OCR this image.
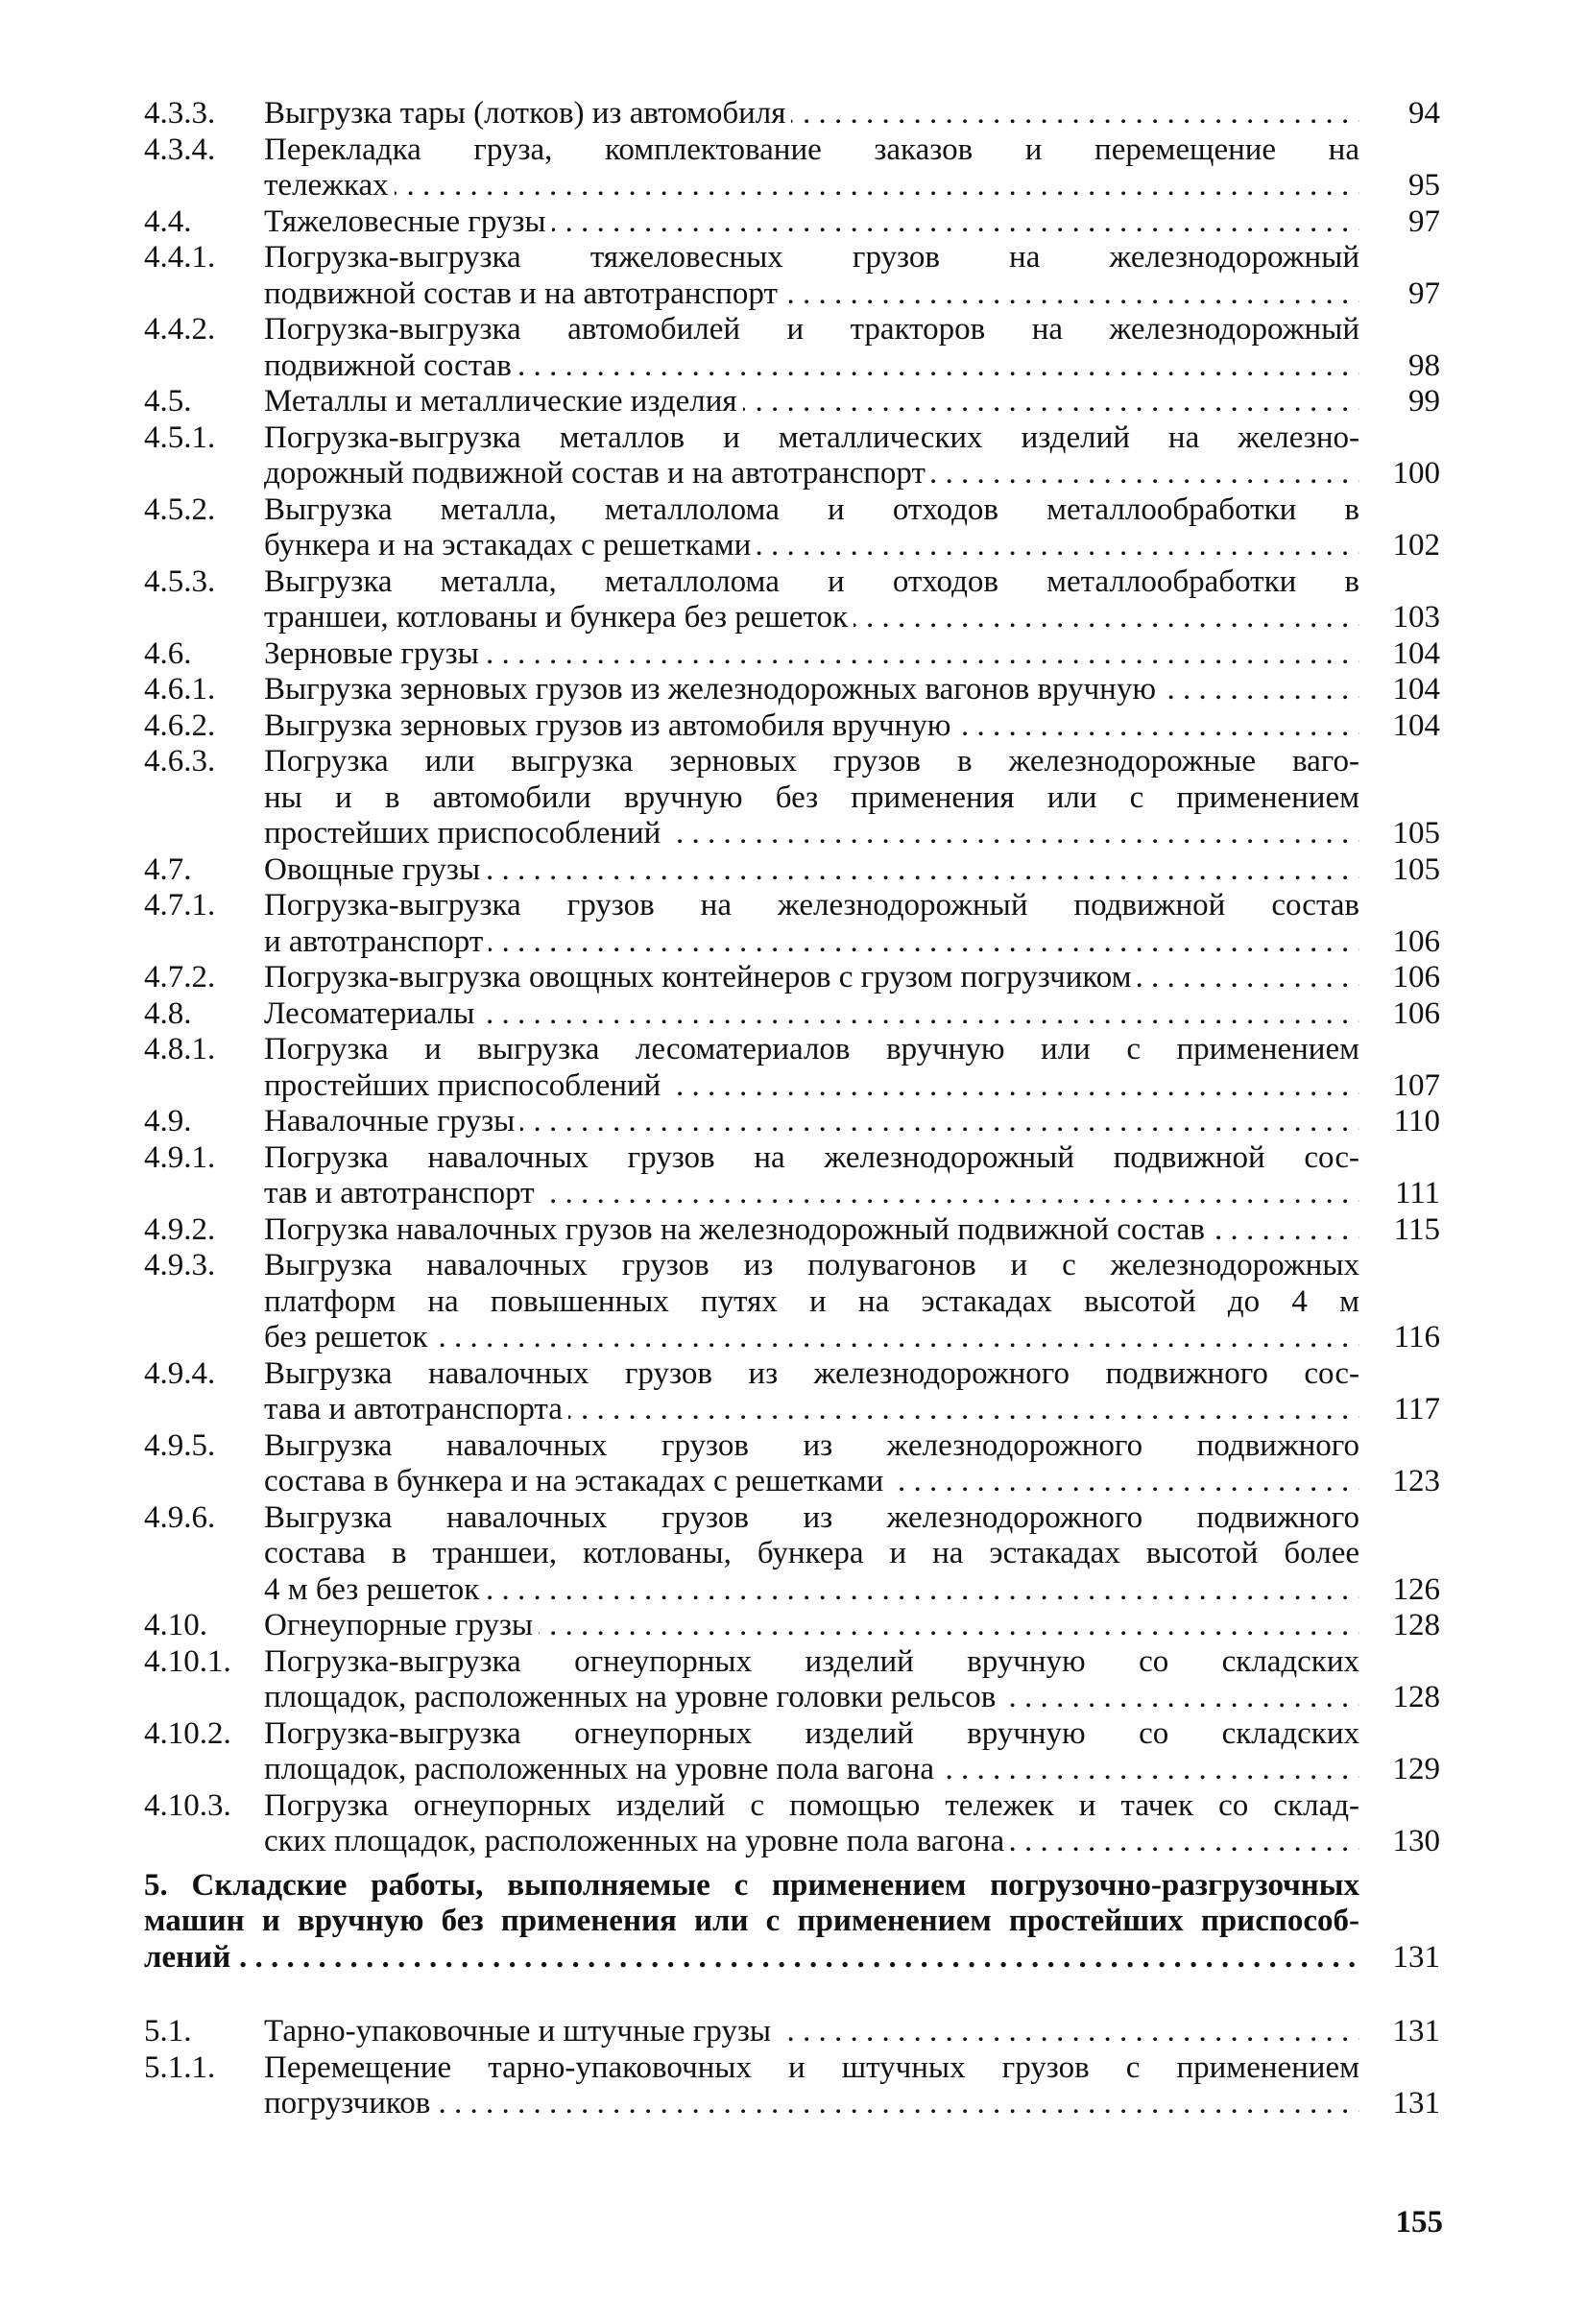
4.3.3.	Выгрузка тары (лотков) из автомобиля . . .	94
4.3.4.	Перекладка груза, комплектование заказов и перемещение на
тележках . . .	95
4.4.	Тяжеловесные грузы . . .	97
4.4.1.	Погрузка-выгрузка тяжеловесных грузов на железнодорожный
подвижной состав и на автотранспорт . . .	97
4.4.2.	Погрузка-выгрузка автомобилей и тракторов на железнодорожный
подвижной состав . . .	98
4.5.	Металлы и металлические изделия . . .	99
4.5.1.	Погрузка-выгрузка металлов и металлических изделий на железно-
дорожный подвижной состав и на автотранспорт . . .	100
4.5.2.	Выгрузка металла, металлолома и отходов металлообработки в
бункера и на эстакадах с решетками . . .	102
4.5.3.	Выгрузка металла, металлолома и отходов металлообработки в
траншеи, котлованы и бункера без решеток . . .	103
4.6.	Зерновые грузы . . .	104
4.6.1.	Выгрузка зерновых грузов из железнодорожных вагонов вручную . . .	104
4.6.2.	Выгрузка зерновых грузов из автомобиля вручную . . .	104
4.6.3.	Погрузка или выгрузка зерновых грузов в железнодорожные ваго-
ны и в автомобили вручную без применения или с применением
простейших приспособлений . . .	105
4.7.	Овощные грузы . . .	105
4.7.1.	Погрузка-выгрузка грузов на железнодорожный подвижной состав
и автотранспорт . . .	106
4.7.2.	Погрузка-выгрузка овощных контейнеров с грузом погрузчиком . . .	106
4.8.	Лесоматериалы . . .	106
4.8.1.	Погрузка и выгрузка лесоматериалов вручную или с применением
простейших приспособлений . . .	107
4.9.	Навалочные грузы . . .	110
4.9.1.	Погрузка навалочных грузов на железнодорожный подвижной сос-
тав и автотранспорт . . .	111
4.9.2.	Погрузка навалочных грузов на железнодорожный подвижной состав . . .	115
4.9.3.	Выгрузка навалочных грузов из полувагонов и с железнодорожных
платформ на повышенных путях и на эстакадах высотой до 4 м
без решеток . . .	116
4.9.4.	Выгрузка навалочных грузов из железнодорожного подвижного сос-
тава и автотранспорта . . .	117
4.9.5.	Выгрузка навалочных грузов из железнодорожного подвижного
состава в бункера и на эстакадах с решетками . . .	123
4.9.6.	Выгрузка навалочных грузов из железнодорожного подвижного
состава в траншеи, котлованы, бункера и на эстакадах высотой более
4 м без решеток . . .	126
4.10.	Огнеупорные грузы . . .	128
4.10.1.	Погрузка-выгрузка огнеупорных изделий вручную со складских
площадок, расположенных на уровне головки рельсов . . .	128
4.10.2.	Погрузка-выгрузка огнеупорных изделий вручную со складских
площадок, расположенных на уровне пола вагона . . .	129
4.10.3.	Погрузка огнеупорных изделий с помощью тележек и тачек со склад-
ских площадок, расположенных на уровне пола вагона . . .	130
5. Складские работы, выполняемые с применением погрузочно-разгрузочных
машин и вручную без применения или с применением простейших приспособ-
лений . . .	131
5.1.	Тарно-упаковочные и штучные грузы . . .	131
5.1.1.	Перемещение тарно-упаковочных и штучных грузов с применением
погрузчиков . . .	131
155
